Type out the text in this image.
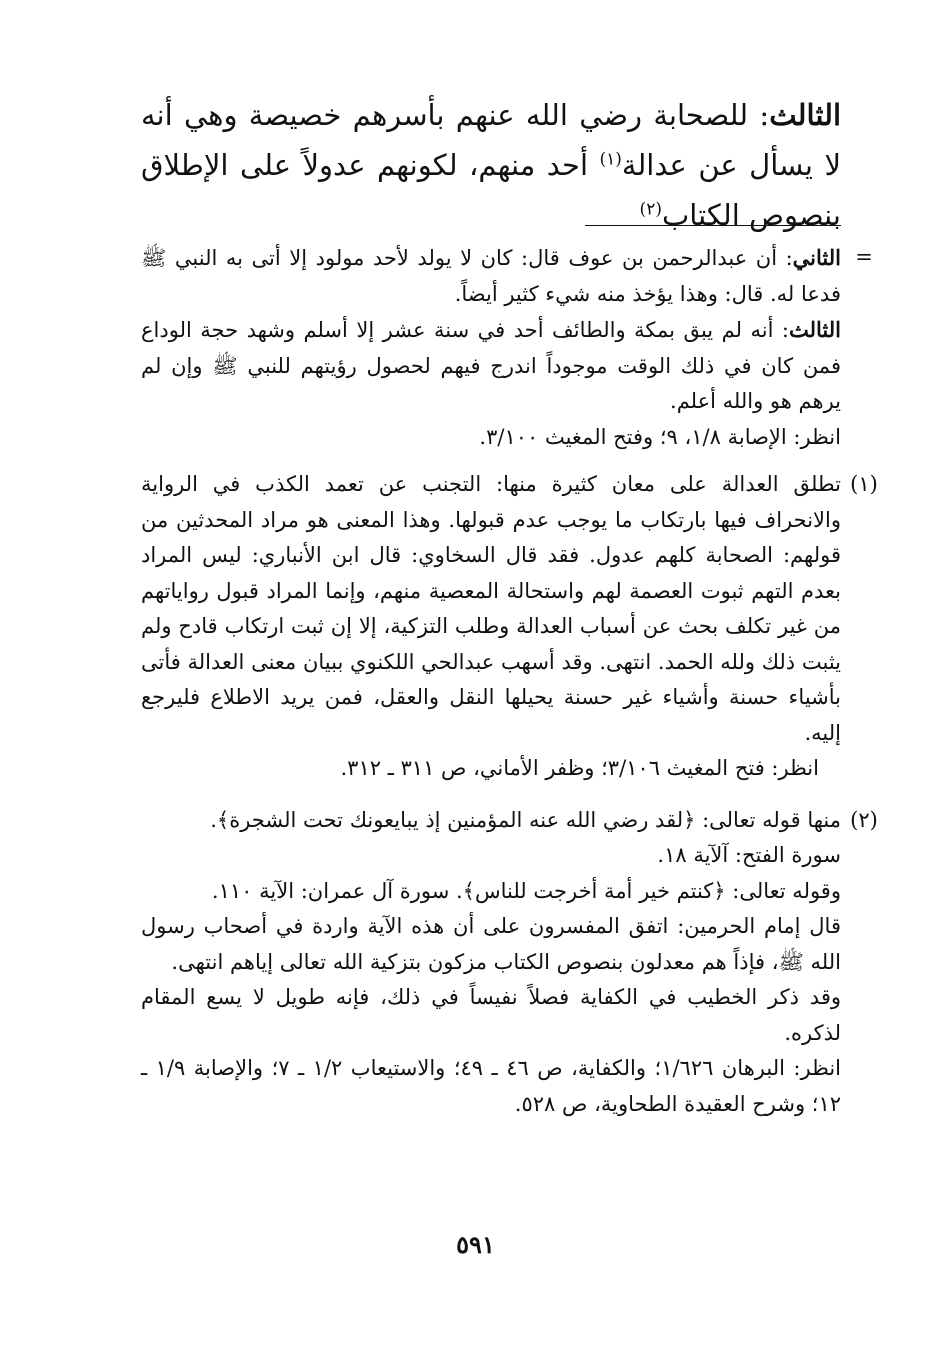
الثالث: للصحابة رضي الله عنهم بأسرهم خصيصة وهي أنه لا يسأل عن عدالة$^{(١)}$ أحد منهم، لكونهم عدولاً على الإطلاق بنصوص الكتاب$^{(٢)}$
=

الثاني: أن عبدالرحمن بن عوف قال: كان لا يولد لأحد مولود إلا أتى به النبي ﷺ فدعا له. قال: وهذا يؤخذ منه شيء كثير أيضاً.

الثالث: أنه لم يبق بمكة والطائف أحد في سنة عشر إلا أسلم وشهد حجة الوداع فمن كان في ذلك الوقت موجوداً اندرج فيهم لحصول رؤيتهم للنبي ﷺ وإن لم يرهم هو والله أعلم.

انظر: الإصابة ١/٨، ٩؛ وفتح المغيث ٣/١٠٠.

(١)

تطلق العدالة على معان كثيرة منها: التجنب عن تعمد الكذب في الرواية والانحراف فيها بارتكاب ما يوجب عدم قبولها. وهذا المعنى هو مراد المحدثين من قولهم: الصحابة كلهم عدول. فقد قال السخاوي: قال ابن الأنباري: ليس المراد بعدم التهم ثبوت العصمة لهم واستحالة المعصية منهم، وإنما المراد قبول رواياتهم من غير تكلف بحث عن أسباب العدالة وطلب التزكية، إلا إن ثبت ارتكاب قادح ولم يثبت ذلك ولله الحمد. انتهى. وقد أسهب عبدالحي اللكنوي ببيان معنى العدالة فأتى بأشياء حسنة وأشياء غير حسنة يحيلها النقل والعقل، فمن يريد الاطلاع فليرجع إليه.

انظر: فتح المغيث ٣/١٠٦؛ وظفر الأماني، ص ٣١١ ـ ٣١٢.

(٢)

منها قوله تعالى: ﴿لقد رضي الله عنه المؤمنين إذ يبايعونك تحت الشجرة﴾.

سورة الفتح: آلآية ١٨.

وقوله تعالى: ﴿كنتم خير أمة أخرجت للناس﴾. سورة آل عمران: الآية ١١٠.

قال إمام الحرمين: اتفق المفسرون على أن هذه الآية واردة في أصحاب رسول الله ﷺ، فإذاً هم معدلون بنصوص الكتاب مزكون بتزكية الله تعالى إياهم انتهى.

وقد ذكر الخطيب في الكفاية فصلاً نفيساً في ذلك، فإنه طويل لا يسع المقام لذكره.

انظر: البرهان ١/٦٢٦؛ والكفاية، ص ٤٦ ـ ٤٩؛ والاستيعاب ١/٢ ـ ٧؛ والإصابة ١/٩ ـ ١٢؛ وشرح العقيدة الطحاوية، ص ٥٢٨.

٥٩١
